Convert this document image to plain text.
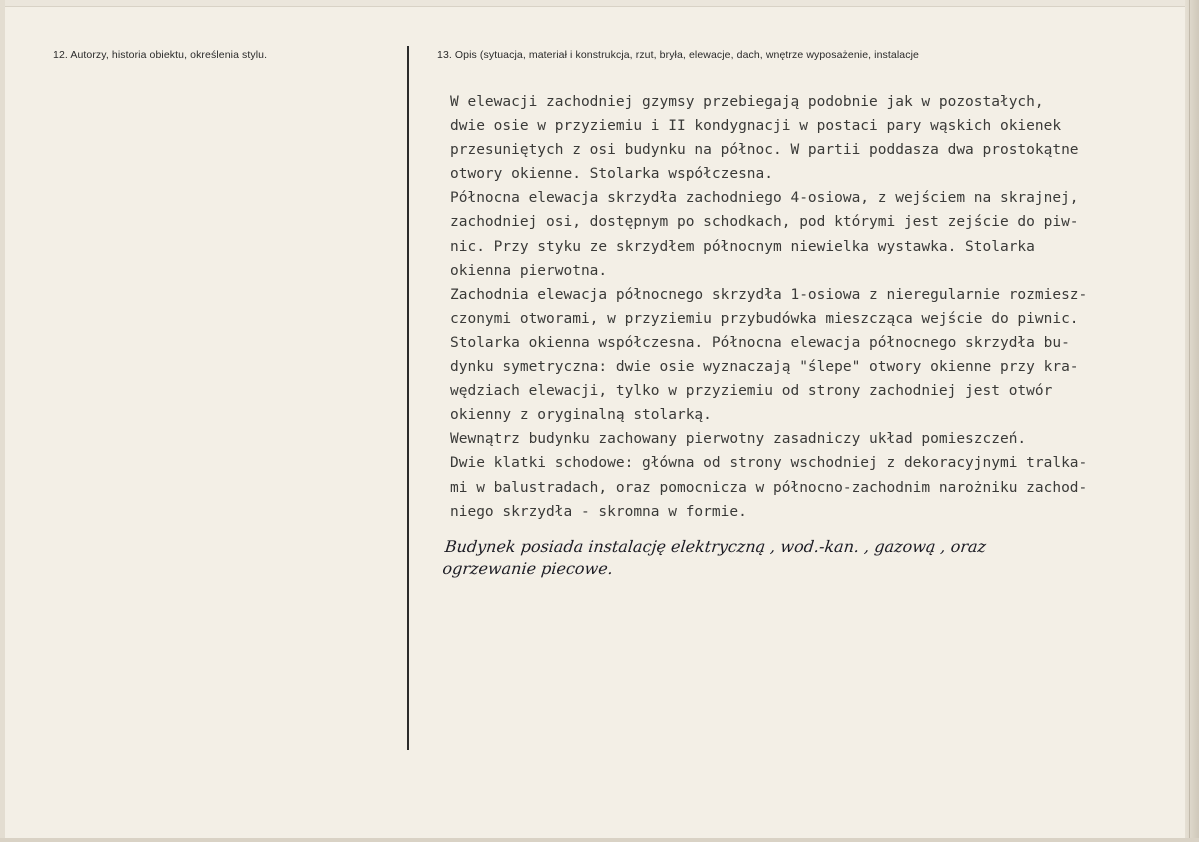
12. Autorzy, historia obiektu, określenia stylu.	13. Opis (sytuacja, materiał i konstrukcja, rzut, bryła, elewacje, dach, wnętrze wyposażenie, instalacje
W elewacji zachodniej gzymsy przebiegają podobnie jak w pozostałych,
dwie osie w przyziemiu i II kondygnacji w postaci pary wąskich okienek
przesuniętych z osi budynku na północ. W partii poddasza dwa prostokątne
otwory okienne. Stolarka współczesna.
Północna elewacja skrzydła zachodniego 4-osiowa, z wejściem na skrajnej,
zachodniej osi, dostępnym po schodkach, pod którymi jest zejście do piw-
nic. Przy styku ze skrzydłem północnym niewielka wystawka. Stolarka
okienna pierwotna.
Zachodnia elewacja północnego skrzydła 1-osiowa z nieregularnie rozmiesz-
czonymi otworami, w przyziemiu przybudówka mieszcząca wejście do piwnic.
Stolarka okienna współczesna. Północna elewacja północnego skrzydła bu-
dynku symetryczna: dwie osie wyznaczają "ślepe" otwory okienne przy kra-
wędziach elewacji, tylko w przyziemiu od strony zachodniej jest otwór
okienny z oryginalną stolarką.
Wewnątrz budynku zachowany pierwotny zasadniczy układ pomieszczeń.
Dwie klatki schodowe: główna od strony wschodniej z dekoracyjnymi tralka-
mi w balustradach, oraz pomocnicza w północno-zachodnim narożniku zachod-
niego skrzydła - skromna w formie.
Budynek posiada instalację elektryczną , wod.-kan. , gazową , oraz
ogrzewanie piecowe.
